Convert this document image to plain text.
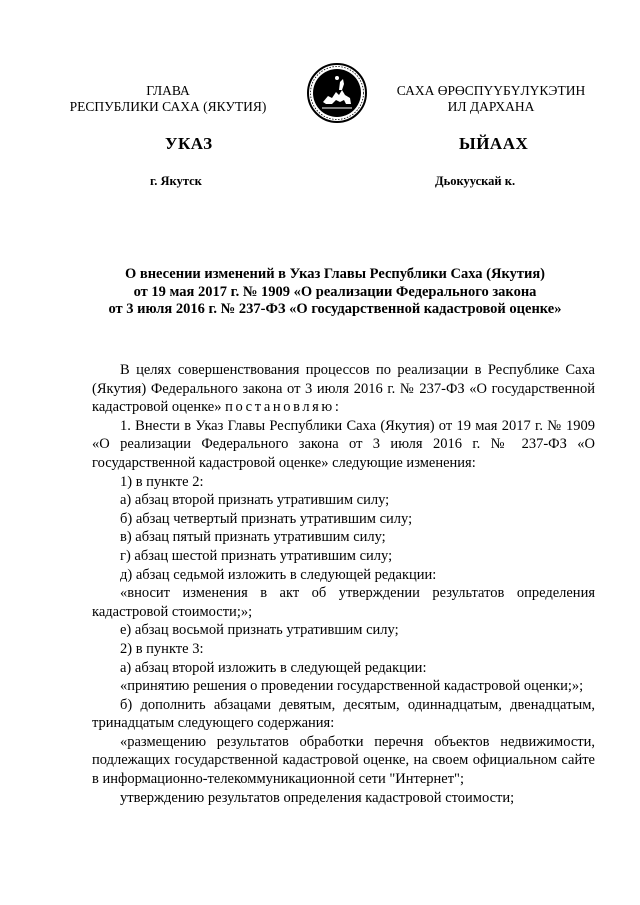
ГЛАВА
РЕСПУБЛИКИ САХА (ЯКУТИЯ)
САХА ӨРӨСПҮҮБҮЛҮКЭТИН
ИЛ ДАРХАНА
УКАЗ	ЫЙААХ
г. Якутск	Дьокуускай к.
О внесении изменений в Указ Главы Республики Саха (Якутия)
от 19 мая 2017 г. № 1909 «О реализации Федерального закона
от 3 июля 2016 г. № 237-ФЗ «О государственной кадастровой оценке»

В целях совершенствования процессов по реализации в Республике Саха (Якутия) Федерального закона от 3 июля 2016 г. № 237-ФЗ «О государственной кадастровой оценке» постановляю:

1. Внести в Указ Главы Республики Саха (Якутия) от 19 мая 2017 г. № 1909 «О реализации Федерального закона от 3 июля 2016 г. № 237-ФЗ «О государственной кадастровой оценке» следующие изменения:

1) в пункте 2:

а) абзац второй признать утратившим силу;

б) абзац четвертый признать утратившим силу;

в) абзац пятый признать утратившим силу;

г) абзац шестой признать утратившим силу;

д) абзац седьмой изложить в следующей редакции:

«вносит изменения в акт об утверждении результатов определения кадастровой стоимости;»;

е) абзац восьмой признать утратившим силу;

2) в пункте 3:

а) абзац второй изложить в следующей редакции:

«принятию решения о проведении государственной кадастровой оценки;»;

б) дополнить абзацами девятым, десятым, одиннадцатым, двенадцатым, тринадцатым следующего содержания:

«размещению результатов обработки перечня объектов недвижимости, подлежащих государственной кадастровой оценке, на своем официальном сайте в информационно-телекоммуникационной сети "Интернет";

утверждению результатов определения кадастровой стоимости;
